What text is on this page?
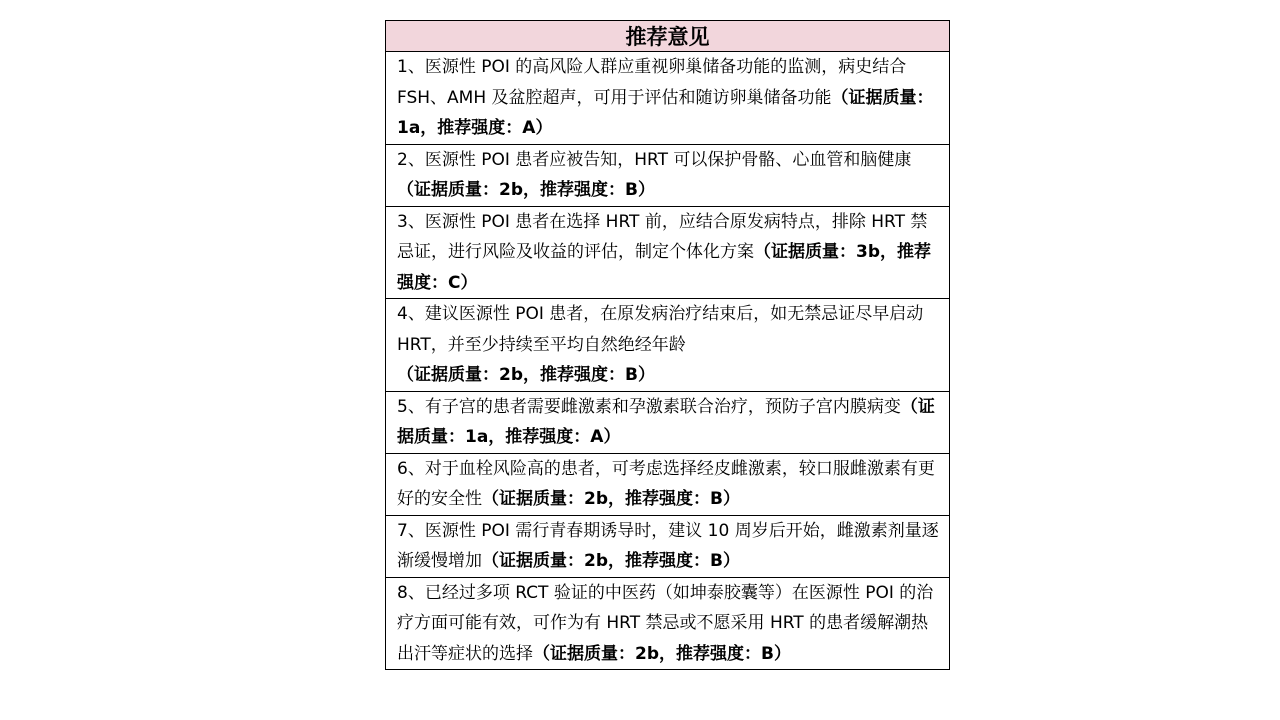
推荐意见
1、医源性 POI 的高风险人群应重视卵巢储备功能的监测，病史结合 FSH、AMH 及盆腔超声，可用于评估和随访卵巢储备功能（证据质量：1a，推荐强度：A）
2、医源性 POI 患者应被告知，HRT 可以保护骨骼、心血管和脑健康（证据质量：2b，推荐强度：B）
3、医源性 POI 患者在选择 HRT 前，应结合原发病特点，排除 HRT 禁忌证，进行风险及收益的评估，制定个体化方案（证据质量：3b，推荐强度：C）
4、建议医源性 POI 患者，在原发病治疗结束后，如无禁忌证尽早启动 HRT，并至少持续至平均自然绝经年龄（证据质量：2b，推荐强度：B）
5、有子宫的患者需要雌激素和孕激素联合治疗，预防子宫内膜病变（证据质量：1a，推荐强度：A）
6、对于血栓风险高的患者，可考虑选择经皮雌激素，较口服雌激素有更好的安全性（证据质量：2b，推荐强度：B）
7、医源性 POI 需行青春期诱导时，建议 10 周岁后开始，雌激素剂量逐渐缓慢增加（证据质量：2b，推荐强度：B）
8、已经过多项 RCT 验证的中医药（如坤泰胶囊等）在医源性 POI 的治疗方面可能有效，可作为有 HRT 禁忌或不愿采用 HRT 的患者缓解潮热出汗等症状的选择（证据质量：2b，推荐强度：B）
